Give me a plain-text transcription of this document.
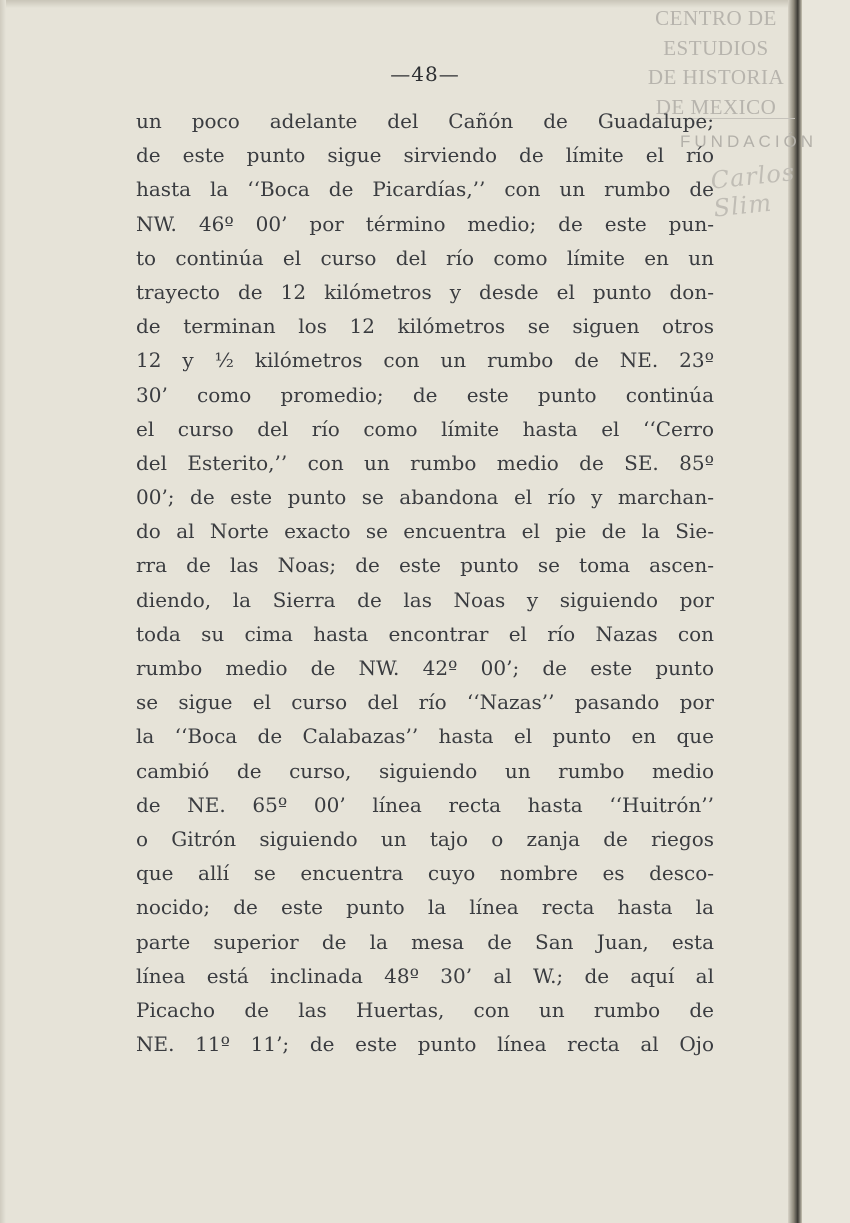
CENTRO DE
ESTUDIOS
DE HISTORIA
DE MEXICO
FUNDACIÓN
Carlos Slim
—48—
un poco adelante del Cañón de Guadalupe;
de este punto sigue sirviendo de límite el río
hasta la ‘‘Boca de Picardías,’’ con un rumbo de
NW. 46º 00’ por término medio; de este pun-
to continúa el curso del río como límite en un
trayecto de 12 kilómetros y desde el punto don-
de terminan los 12 kilómetros se siguen otros
12 y ½ kilómetros con un rumbo de NE. 23º
30’ como promedio; de este punto continúa
el curso del río como límite hasta el ‘‘Cerro
del Esterito,’’ con un rumbo medio de SE. 85º
00’; de este punto se abandona el río y marchan-
do al Norte exacto se encuentra el pie de la Sie-
rra de las Noas; de este punto se toma ascen-
diendo, la Sierra de las Noas y siguiendo por
toda su cima hasta encontrar el río Nazas con
rumbo medio de NW. 42º 00’; de este punto
se sigue el curso del río ‘‘Nazas’’ pasando por
la ‘‘Boca de Calabazas’’ hasta el punto en que
cambió de curso, siguiendo un rumbo medio
de NE. 65º 00’ línea recta hasta ‘‘Huitrón’’
o Gitrón siguiendo un tajo o zanja de riegos
que allí se encuentra cuyo nombre es desco-
nocido; de este punto la línea recta hasta la
parte superior de la mesa de San Juan, esta
línea está inclinada 48º 30’ al W.; de aquí al
Picacho de las Huertas, con un rumbo de
NE. 11º 11’; de este punto línea recta al Ojo
